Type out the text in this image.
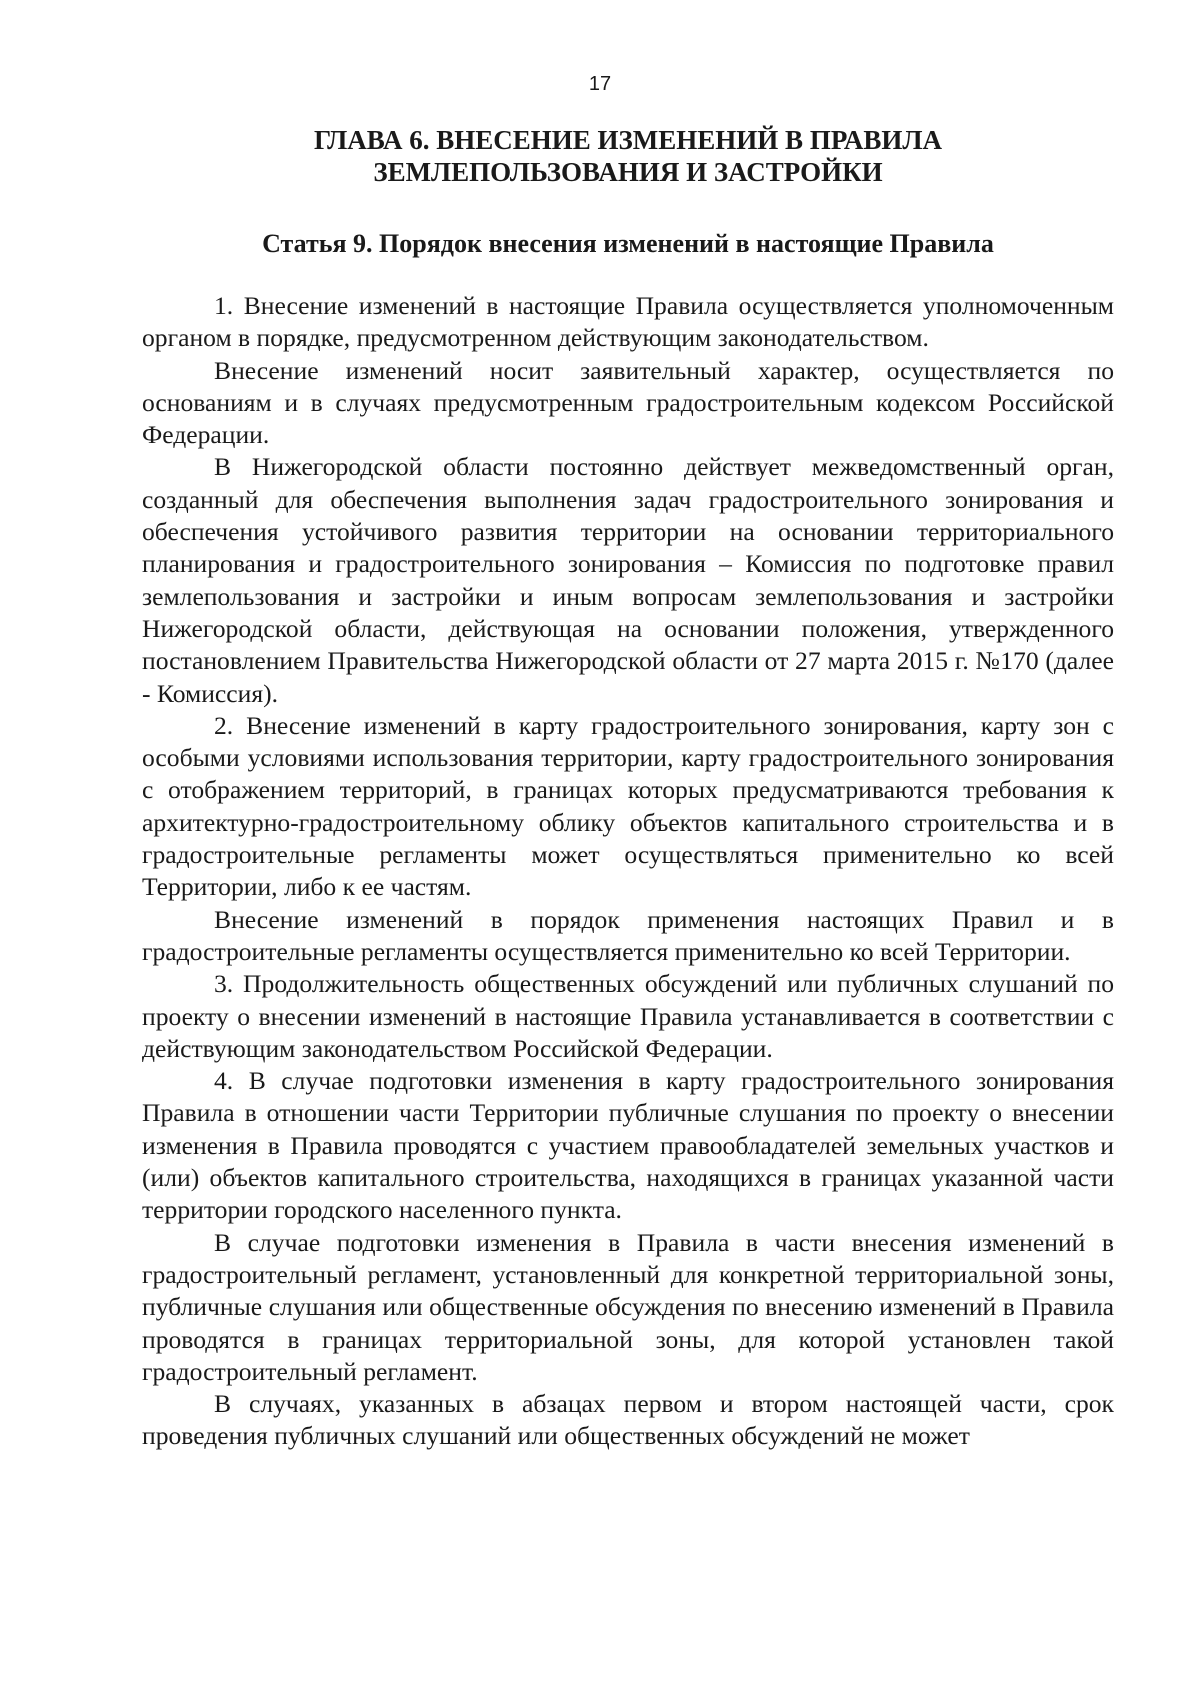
17
ГЛАВА 6. ВНЕСЕНИЕ ИЗМЕНЕНИЙ В ПРАВИЛА
ЗЕМЛЕПОЛЬЗОВАНИЯ И ЗАСТРОЙКИ
Статья 9. Порядок внесения изменений в настоящие Правила

1. Внесение изменений в настоящие Правила осуществляется уполномоченным органом в порядке, предусмотренном действующим законодательством.

Внесение изменений носит заявительный характер, осуществляется по основаниям и в случаях предусмотренным градостроительным кодексом Российской Федерации.

В Нижегородской области постоянно действует межведомственный орган, созданный для обеспечения выполнения задач градостроительного зонирования и обеспечения устойчивого развития территории на основании территориального планирования и градостроительного зонирования – Комиссия по подготовке правил землепользования и застройки и иным вопросам землепользования и застройки Нижегородской области, действующая на основании положения, утвержденного постановлением Правительства Нижегородской области от 27 марта 2015 г. №170 (далее - Комиссия).

2. Внесение изменений в карту градостроительного зонирования, карту зон с особыми условиями использования территории, карту градостроительного зонирования с отображением территорий, в границах которых предусматриваются требования к архитектурно-градостроительному облику объектов капитального строительства и в градостроительные регламенты может осуществляться применительно ко всей Территории, либо к ее частям.

Внесение изменений в порядок применения настоящих Правил и в градостроительные регламенты осуществляется применительно ко всей Территории.

3. Продолжительность общественных обсуждений или публичных слушаний по проекту о внесении изменений в настоящие Правила устанавливается в соответствии с действующим законодательством Российской Федерации.

4. В случае подготовки изменения в карту градостроительного зонирования Правила в отношении части Территории публичные слушания по проекту о внесении изменения в Правила проводятся с участием правообладателей земельных участков и (или) объектов капитального строительства, находящихся в границах указанной части территории городского населенного пункта.

В случае подготовки изменения в Правила в части внесения изменений в градостроительный регламент, установленный для конкретной территориальной зоны, публичные слушания или общественные обсуждения по внесению изменений в Правила проводятся в границах территориальной зоны, для которой установлен такой градостроительный регламент.

В случаях, указанных в абзацах первом и втором настоящей части, срок проведения публичных слушаний или общественных обсуждений не может
